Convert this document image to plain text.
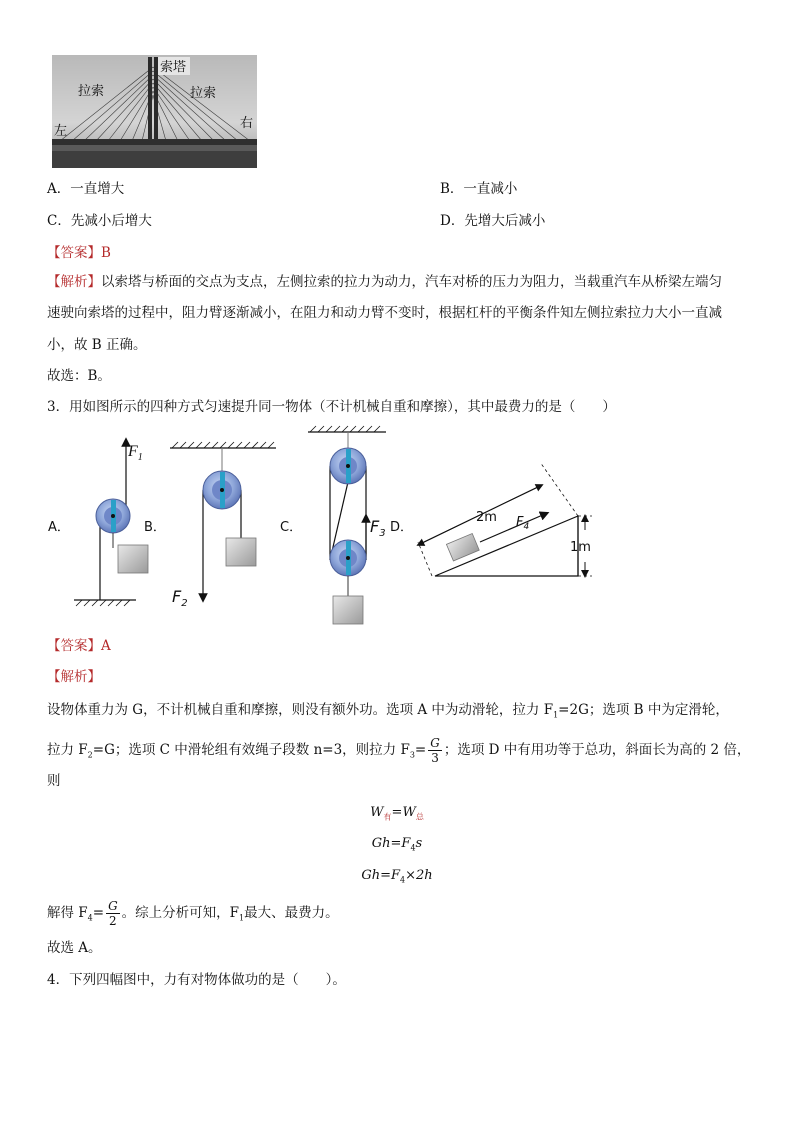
索塔
拉索	拉索
左
右
A．一直增大	B．一直减小
C．先减小后增大	D．先增大后减小
【答案】B
【解析】以索塔与桥面的交点为支点，左侧拉索的拉力为动力，汽车对桥的压力为阻力，当载重汽车从桥梁左端匀
速驶向索塔的过程中，阻力臂逐渐减小，在阻力和动力臂不变时，根据杠杆的平衡条件知左侧拉索拉力大小一直减
小，故 B 正确。
故选：B。
3．用如图所示的四种方式匀速提升同一物体（不计机械自重和摩擦），其中最费力的是（　　）
A．	B．	C．	D．
$F_1$
$F_2$
$F_3$
2m $F_4$
1m
【答案】A
【解析】
设物体重力为 G，不计机械自重和摩擦，则没有额外功。选项 A 中为动滑轮，拉力 $F_1=2G$；选项 B 中为定滑轮，
拉力 $F_2=G$；选项 C 中滑轮组有效绳子段数 n=3，则拉力 $F_3= \frac{G}{3}$ ；选项 D 中有用功等于总功，斜面长为高的 2 倍，
则
$W_有=W_总$
$Gh=F_4s$
$Gh=F_4\times 2h$
解得 $F_4= \frac{G}{2}$ 。综上分析可知，$F_1$最大、最费力。
故选 A。
4．下列四幅图中，力有对物体做功的是（　　）。
